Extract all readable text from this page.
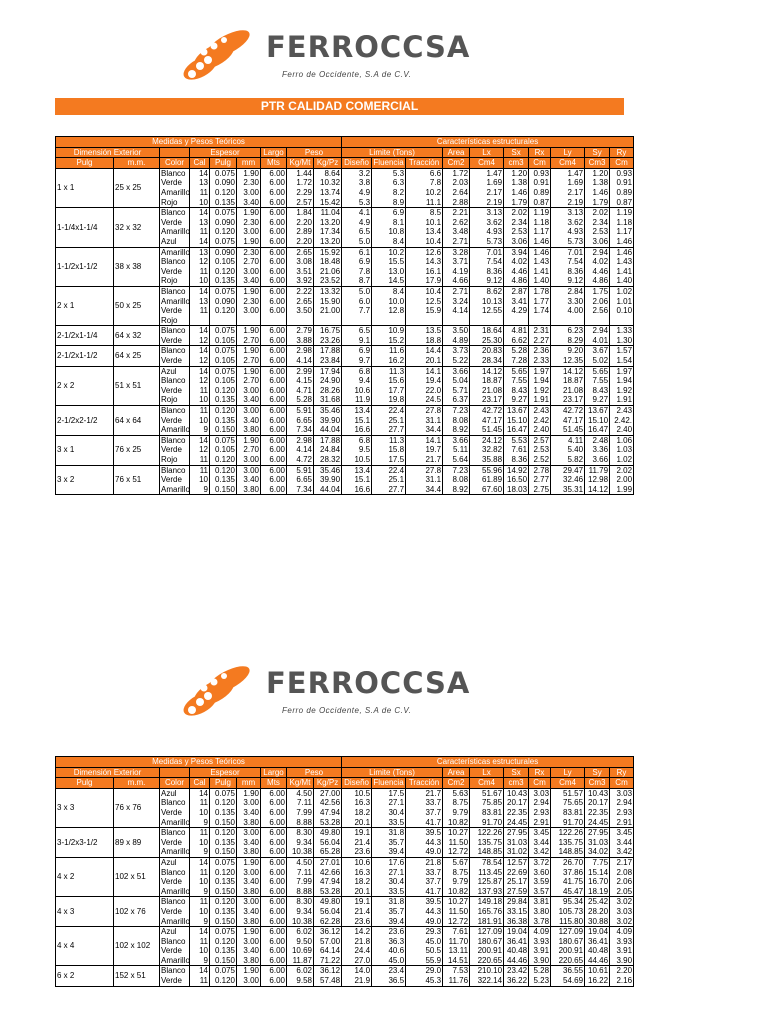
FERROCCSA
Ferro de Occidente, S.A de C.V.
PTR CALIDAD COMERCIAL
Medidas y Pesos Teóricos									Características estructurales									
Dimensión Exterior			Espesor			Largo	Peso		Limite (Tons)			Area	Lx	Sx	Rx	Ly	Sy	Ry
Pulg	m.m.	Color	Cal	Pulg	mm	Mts	Kg/Mt	Kg/Pz	Diseño	Fluencia	Tracción	Cm2	Cm4	cm3	Cm	Cm4	Cm3	Cm
1 x 1	25 x 25	Blanco	14	0.075	1.90	6.00	1.44	8.64	3.2	5.3	6.6	1.72	1.47	1.20	0.93	1.47	1.20	0.93
		Verde	13	0.090	2.30	6.00	1.72	10.32	3.8	6.3	7.8	2.03	1.69	1.38	0.91	1.69	1.38	0.91
		Amarillo	11	0.120	3.00	6.00	2.29	13.74	4.9	8.2	10.2	2.64	2.17	1.46	0.89	2.17	1.46	0.89
		Rojo	10	0.135	3.40	6.00	2.57	15.42	5.3	8.9	11.1	2.88	2.19	1.79	0.87	2.19	1.79	0.87
1-1/4x1-1/4	32 x 32	Blanco	14	0.075	1.90	6.00	1.84	11.04	4.1	6.9	8.5	2.21	3.13	2.02	1.19	3.13	2.02	1.19
		Verde	13	0.090	2.30	6.00	2.20	13.20	4.9	8.1	10.1	2.62	3.62	2.34	1.18	3.62	2.34	1.18
		Amarillo	11	0.120	3.00	6.00	2.89	17.34	6.5	10.8	13.4	3.48	4.93	2.53	1.17	4.93	2.53	1.17
		Azul	14	0.075	1.90	6.00	2.20	13.20	5.0	8.4	10.4	2.71	5.73	3.06	1.46	5.73	3.06	1.46
1-1/2x1-1/2	38 x 38	Amarillo	13	0.090	2.30	6.00	2.65	15.92	6.1	10.2	12.6	3.28	7.01	3.94	1.46	7.01	2.94	1.46
		Blanco	12	0.105	2.70	6.00	3.08	18.48	6.9	15.5	14.3	3.71	7.54	4.02	1.43	7.54	4.02	1.43
		Verde	11	0.120	3.00	6.00	3.51	21.06	7.8	13.0	16.1	4.19	8.36	4.46	1.41	8.36	4.46	1.41
		Rojo	10	0.135	3.40	6.00	3.92	23.52	8.7	14.5	17.9	4.66	9.12	4.86	1.40	9.12	4.86	1.40
2 x 1	50 x 25	Blanco	14	0.075	1.90	6.00	2.22	13.32	5.0	8.4	10.4	2.71	8.62	2.87	1.78	2.84	1.75	1.02
		Amarillo	13	0.090	2.30	6.00	2.65	15.90	6.0	10.0	12.5	3.24	10.13	3.41	1.77	3.30	2.06	1.01
		Verde	11	0.120	3.00	6.00	3.50	21.00	7.7	12.8	15.9	4.14	12.55	4.29	1.74	4.00	2.56	0.10
		Rojo																
2-1/2x1-1/4	64 x 32	Blanco	14	0.075	1.90	6.00	2.79	16.75	6.5	10.9	13.5	3.50	18.64	4.81	2.31	6.23	2.94	1.33
		Verde	12	0.105	2.70	6.00	3.88	23.26	9.1	15.2	18.8	4.89	25.30	6.62	2.27	8.29	4.01	1.30
2-1/2x1-1/2	64 x 25	Blanco	14	0.075	1.90	6.00	2.98	17.88	6.9	11.6	14.4	3.73	20.83	5.28	2.36	9.20	3.67	1.57
		Verde	12	0.105	2.70	6.00	4.14	23.84	9.7	16.2	20.1	5.22	28.34	7.28	2.33	12.35	5.02	1.54
2 x 2	51 x 51	Azul	14	0.075	1.90	6.00	2.99	17.94	6.8	11.3	14.1	3.66	14.12	5.65	1.97	14.12	5.65	1.97
		Blanco	12	0.105	2.70	6.00	4.15	24.90	9.4	15.6	19.4	5.04	18.87	7.55	1.94	18.87	7.55	1.94
		Verde	11	0.120	3.00	6.00	4.71	28.26	10.6	17.7	22.0	5.71	21.08	8.43	1.92	21.08	8.43	1.92
		Rojo	10	0.135	3.40	6.00	5.28	31.68	11.9	19.8	24.5	6.37	23.17	9.27	1.91	23.17	9.27	1.91
2-1/2x2-1/2	64 x 64	Blanco	11	0.120	3.00	6.00	5.91	35.46	13.4	22.4	27.8	7.23	42.72	13.67	2.43	42.72	13.67	2.43
		Verde	10	0.135	3.40	6.00	6.65	39.90	15.1	25.1	31.1	8.08	47.17	15.10	2.42	47.17	15.10	2.42.
		Amarillo	9	0.150	3.80	6.00	7.34	44.04	16.6	27.7	34.4	8.92	51.45	16.47	2.40	51.45	16.47	2.40
3 x 1	76 x 25	Blanco	14	0.075	1.90	6.00	2.98	17.88	6.8	11.3	14.1	3.66	24.12	5.53	2.57	4.11	2.48	1.06
		Verde	12	0.105	2.70	6.00	4.14	24.84	9.5	15.8	19.7	5.11	32.82	7.61	2.53	5.40	3.36	1.03
		Rojo	11	0.120	3.00	6.00	4.72	28.32	10.5	17.5	21.7	5.64	35.88	8.36	2.52	5.82	3.66	1.02
3 x 2	76 x 51	Blanco	11	0.120	3.00	6.00	5.91	35.46	13.4	22.4	27.8	7.23	55.96	14.92	2.78	29.47	11.79	2.02
		Verde	10	0.135	3.40	6.00	6.65	39.90	15.1	25.1	31.1	8.08	61.89	16.50	2.77	32.46	12.98	2.00
		Amarillo	9	0.150	3.80	6.00	7.34	44.04	16.6	27.7	34.4	8.92	67.60	18.03	2.75	35.31	14.12	1.99
FERROCCSA
Ferro de Occidente, S.A de C.V.
Medidas y Pesos Teóricos									Características estructurales									
Dimensión Exterior			Espesor			Largo	Peso		Limite (Tons)			Area	Lx	Sx	Rx	Ly	Sy	Ry
Pulg	m.m.	Color	Cal	Pulg	mm	Mts	Kg/Mt	Kg/Pz	Diseño	Fluencia	Tracción	Cm2	Cm4	cm3	Cm	Cm4	Cm3	Cm
3 x 3	76 x 76	Azul	14	0.075	1.90	6.00	4.50	27.00	10.5	17.5	21.7	5.63	51.67	10.43	3.03	51.57	10.43	3.03
		Blanco	11	0.120	3.00	6.00	7.11	42.56	16.3	27.1	33.7	8.75	75.85	20.17	2.94	75.65	20.17	2.94
		Verde	10	0.135	3.40	6.00	7.99	47.94	18.2	30.4	37.7	9.79	83.81	22.35	2.93	83.81	22.35	2.93
		Amarillo	9	0.150	3.80	6.00	8.88	53.28	20.1	33.5	41.7	10.82	91.70	24.45	2.91	91.70	24.45	2.91
3-1/2x3-1/2	89 x 89	Blanco	11	0.120	3.00	6.00	8.30	49.80	19.1	31.8	39.5	10.27	122.26	27.95	3.45	122.26	27.95	3.45
		Verde	10	0.135	3.40	6.00	9.34	56.04	21.4	35.7	44.3	11.50	135.75	31.03	3.44	135.75	31.03	3.44
		Amarillo	9	0.150	3.80	6.00	10.38	65.28	23.6	39.4	49.0	12.72	148.85	31.02	3.42	148.85	34.02	3.42
4 x 2	102 x 51	Azul	14	0.075	1.90	6.00	4.50	27.01	10.6	17.6	21.8	5.67	78.54	12.57	3.72	26.70	7.75	2.17
		Blanco	11	0.120	3.00	6.00	7.11	42.66	16.3	27.1	33.7	8.75	113.45	22.69	3.60	37.86	15.14	2.08
		Verde	10	0.135	3.40	6.00	7.99	47.94	18.2	30.4	37.7	9.79	125.87	25.17	3.59	41.75	16.70	2.06
		Amarillo	9	0.150	3.80	6.00	8.88	53.28	20.1	33.5	41.7	10.82	137.93	27.59	3.57	45.47	18.19	2.05
4 x 3	102 x 76	Blanco	11	0.120	3.00	6.00	8.30	49.80	19.1	31.8	39.5	10.27	149.18	29.84	3.81	95.34	25.42	3.02
		Verde	10	0.135	3.40	6.00	9.34	56.04	21.4	35.7	44.3	11.50	165.76	33.15	3.80	105.73	28.20	3.03
		Amarillo	9	0.150	3.80	6.00	10.38	62.28	23.6	39.4	49.0	12.72	181.91	36.38	3.78	115.80	30.88	3.02
4 x 4	102 x 102	Azul	14	0.075	1.90	6.00	6.02	36.12	14.2	23.6	29.3	7.61	127.09	19.04	4.09	127.09	19.04	4.09
		Blanco	11	0.120	3.00	6.00	9.50	57.00	21.8	36.3	45.0	11.70	180.67	36.41	3.93	180.67	36.41	3.93
		Verde	10	0.135	3.40	6.00	10.69	64.14	24.4	40.6	50.5	13.11	200.91	40.48	3.91	200.91	40.48	3.91
		Amarillo	9	0.150	3.80	6.00	11.87	71.22	27.0	45.0	55.9	14.51	220.65	44.46	3.90	220.65	44.46	3.90
6 x 2	152 x 51	Blanco	14	0.075	1.90	6.00	6.02	36.12	14.0	23.4	29.0	7.53	210.10	23.42	5.28	36.55	10.61	2.20
		Verde	11	0.120	3.00	6.00	9.58	57.48	21.9	36.5	45.3	11.76	322.14	36.22	5.23	54.69	16.22	2.16
